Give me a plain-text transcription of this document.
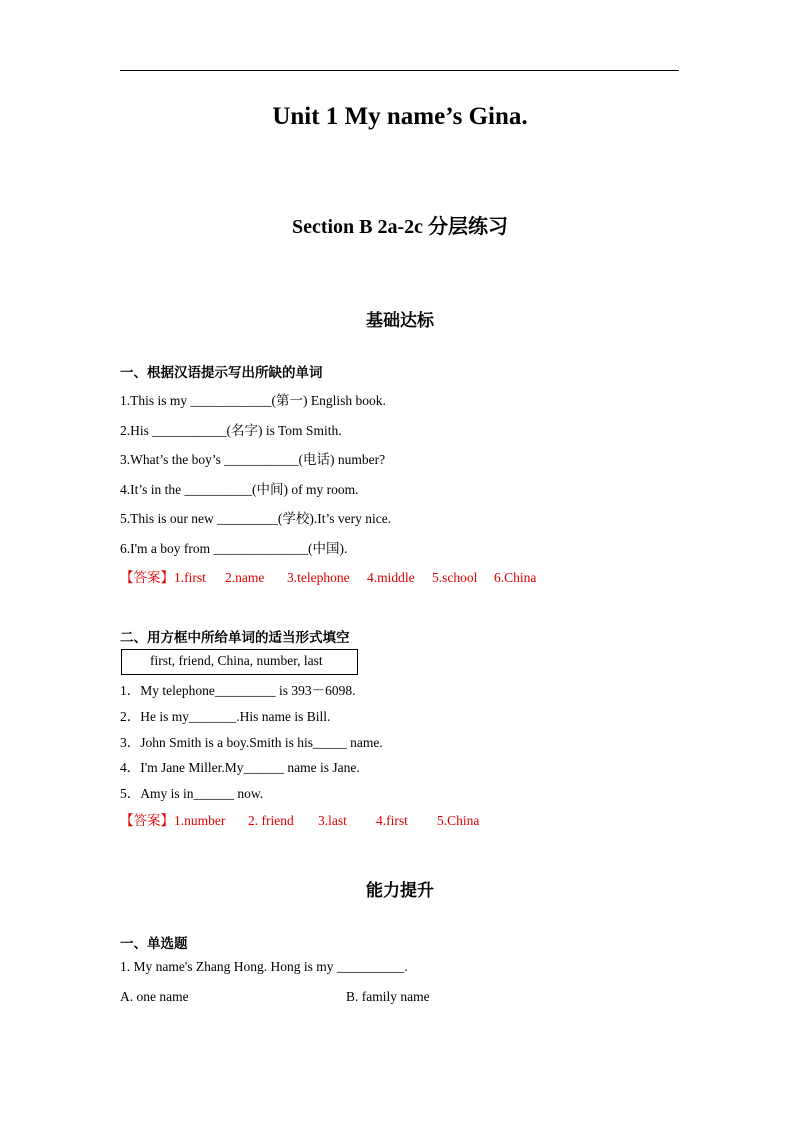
Unit 1 My name’s Gina.
Section B 2a-2c 分层练习
基础达标
一、根据汉语提示写出所缺的单词
1.This is my ____________(第一) English book.
2.His ___________(名字) is Tom Smith.
3.What’s the boy’s ___________(电话) number?
4.It’s in the __________(中间) of my room.
5.This is our new _________(学校).It’s very nice.
6.I'm a boy from ______________(中国).
【答案】1.first 2.name 3.telephone 4.middle 5.school 6.China
二、用方框中所给单词的适当形式填空
first, friend, China, number, last
1．My telephone_________ is 393－6098.
2．He is my_______.His name is Bill.
3．John Smith is a boy.Smith is his_____ name.
4．I'm Jane Miller.My______ name is Jane.
5．Amy is in______ now.
【答案】1.number 2. friend 3.last 4.first 5.China
能力提升
一、单选题
1. My name's Zhang Hong. Hong is my __________.
A. one name	B. family name
